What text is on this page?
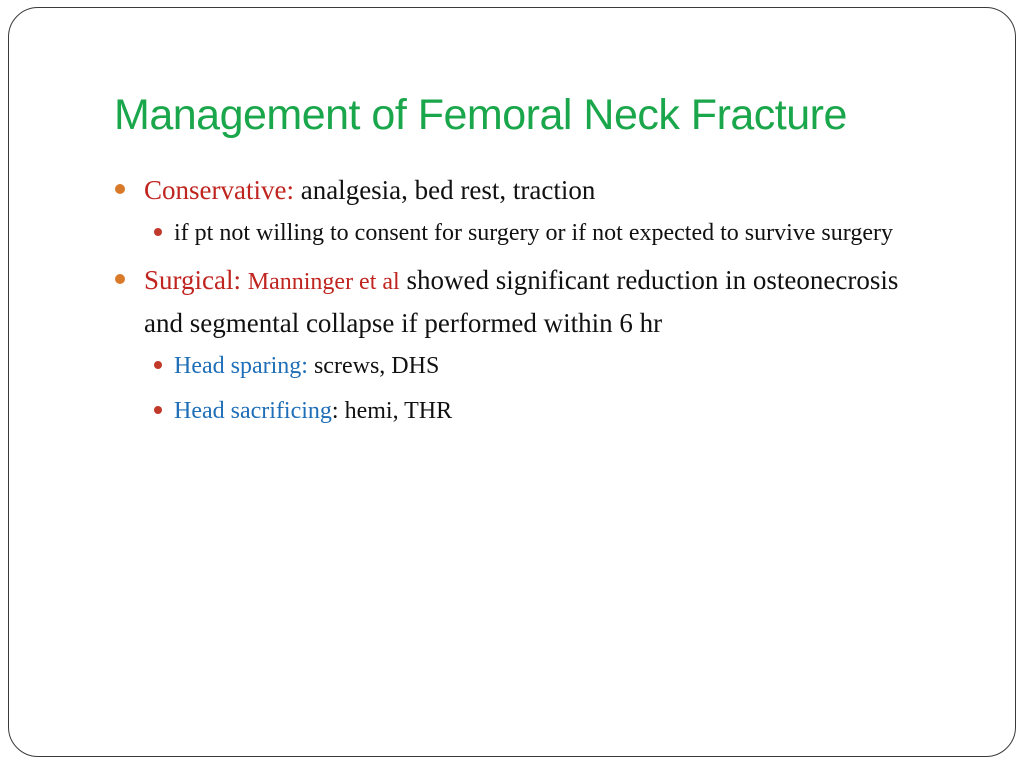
Management of Femoral Neck Fracture
Conservative: analgesia, bed rest, traction
if pt not willing to consent for surgery or if not expected to survive surgery
Surgical: Manninger et al showed significant reduction in osteonecrosis and segmental collapse if performed within 6 hr
Head sparing: screws, DHS
Head sacrificing: hemi, THR
